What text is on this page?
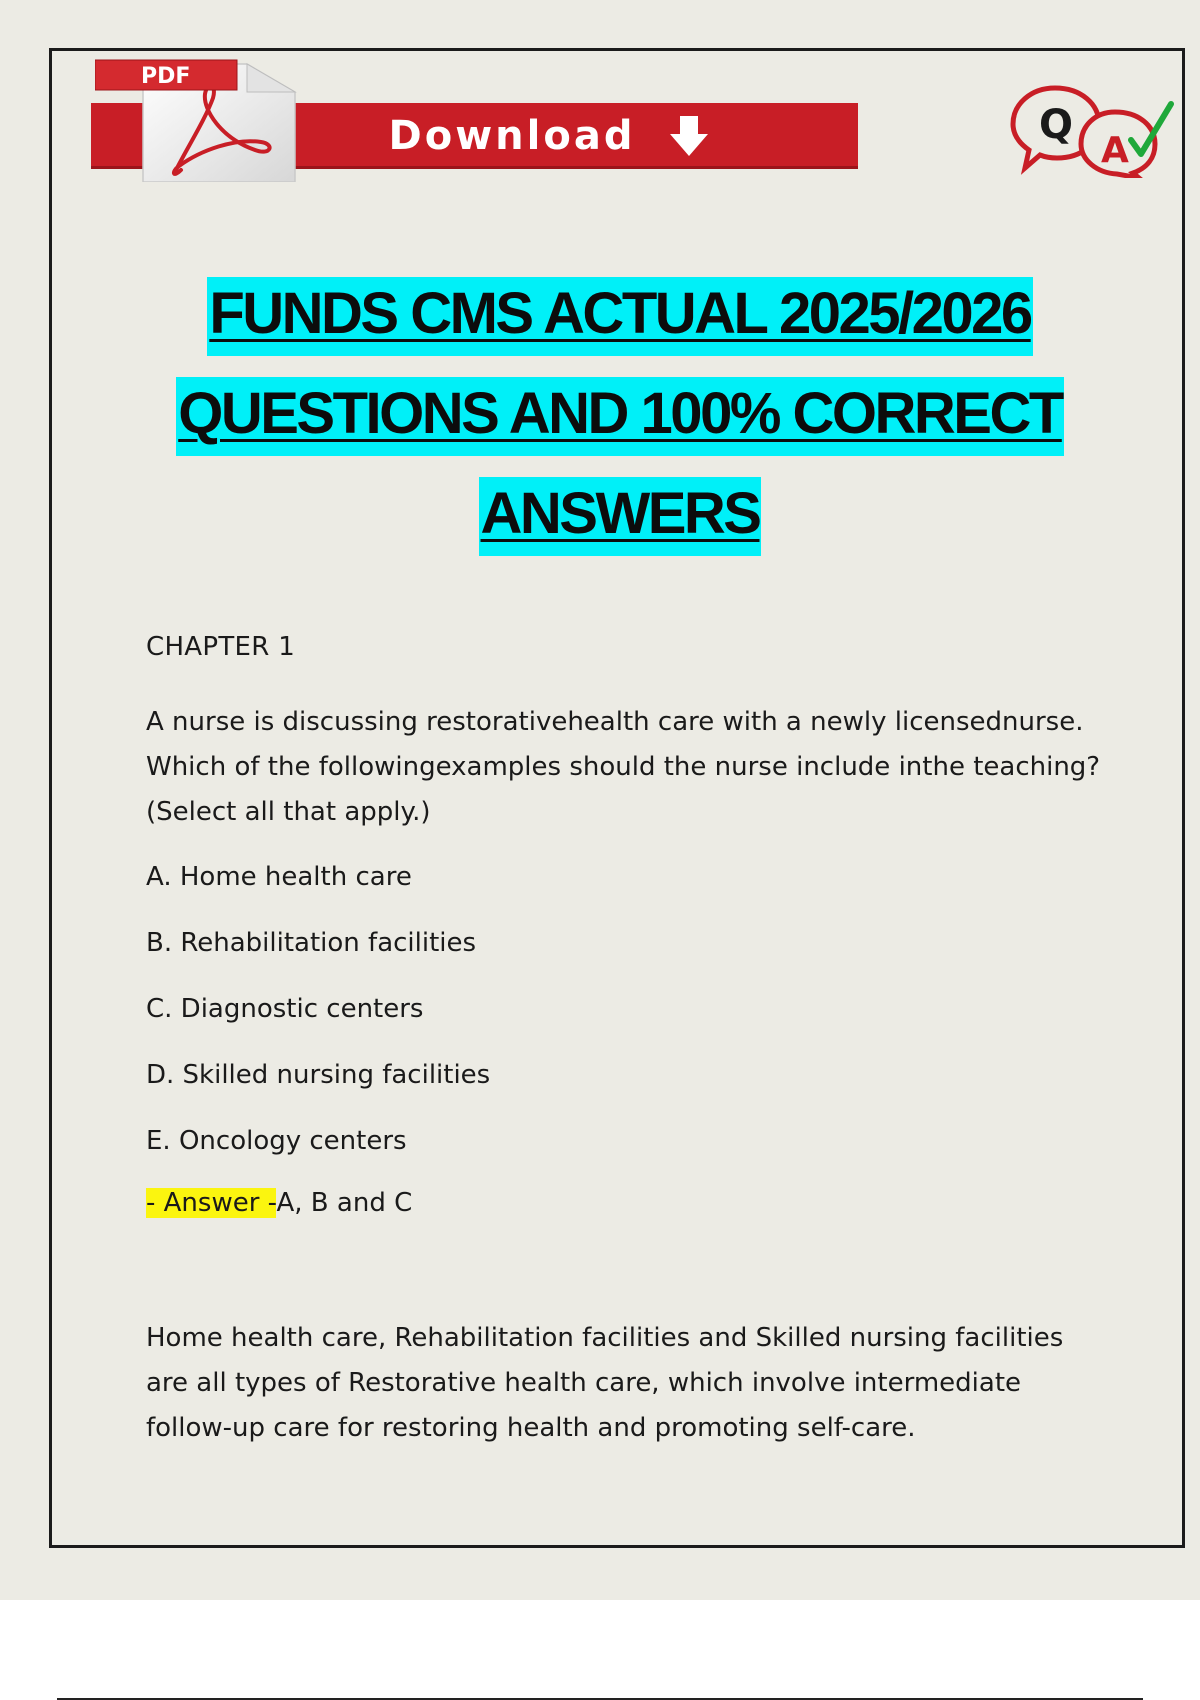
Download
PDF
Q
A
FUNDS CMS ACTUAL 2025/2026
QUESTIONS AND 100% CORRECT
ANSWERS
CHAPTER 1
A nurse is discussing restorativehealth care with a newly licensednurse. Which of the followingexamples should the nurse include inthe teaching? (Select all that apply.)
A. Home health care
B. Rehabilitation facilities
C. Diagnostic centers
D. Skilled nursing facilities
E. Oncology centers
- Answer -A, B and C
Home health care, Rehabilitation facilities and Skilled nursing facilities are all types of Restorative health care, which involve intermediate follow-up care for restoring health and promoting self-care.
